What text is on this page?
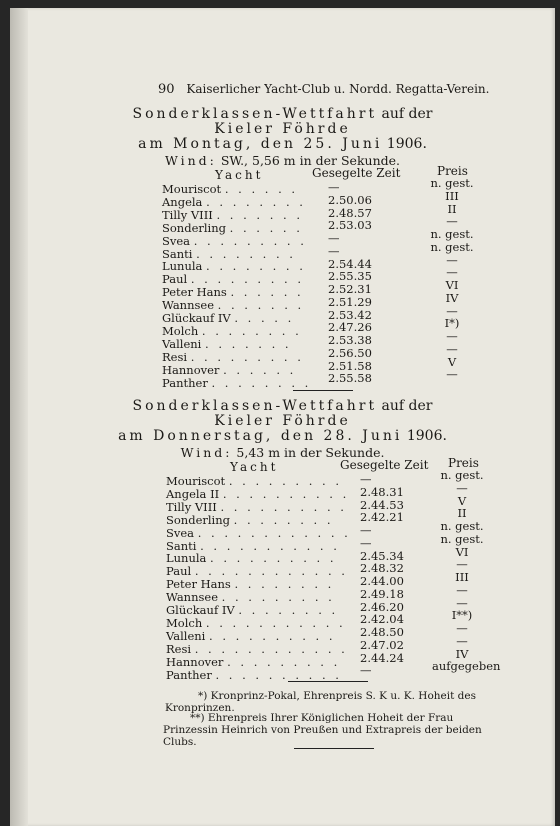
90 Kaiserlicher Yacht-Club u. Nordd. Regatta-Verein.
Sonderklassen-Wettfahrt auf der
Kieler Föhrde
am Montag, den 25. Juni 1906.
Wind: SW., 5,56 m in der Sekunde.
Yacht	Gesegelte Zeit	Preis
Mouriscot . . . . . .	—	n. gest.
Angela . . . . . . . . 2.50.06	III
Tilly VIII . . . . . . . 2.48.57	II
Sonderling . . . . . . 2.53.03	—
Svea . . . . . . . . . —	n. gest.
Santi . . . . . . . .	—	n. gest.
Lunula . . . . . . . . 2.54.44	—
Paul . . . . . . . . . 2.55.35	—
Peter Hans . . . . . . 2.52.31	VI
Wannsee . . . . . . . 2.51.29	IV
Glückauf IV . . . . .	2.53.42	—
Molch . . . . . . . . 2.47.26	I*)
Valleni . . . . . . .	2.53.38	—
Resi . . . . . . . . . 2.56.50	—
Hannover . . . . . .	2.51.58	V
Panther . . . . . . . . 2.55.58	—
Sonderklassen-Wettfahrt auf der
Kieler Föhrde
am Donnerstag, den 28. Juni 1906.
Wind: 5,43 m in der Sekunde.
Yacht	Gesegelte Zeit Preis
Mouriscot . . . . . . . . . —	n. gest.
Angela II . . . . . . . . . . 2.48.31	—
Tilly VIII . . . . . . . . . . 2.44.53	V
Sonderling . . . . . . . . 2.42.21	II
Svea . . . . . . . . . . . . —	n. gest.
Santi . . . . . . . . . . . —	n. gest.
Lunula . . . . . . . . . . 2.45.34	VI
Paul . . . . . . . . . . . . 2.48.32	—
Peter Hans . . . . . . . . 2.44.00	III
Wannsee . . . . . . . . . 2.49.18	—
Glückauf IV . . . . . . . . 2.46.20	—
Molch . . . . . . . . . . . 2.42.04	I**)
Valleni . . . . . . . . . . 2.48.50	—
Resi . . . . . . . . . . . . 2.47.02	—
Hannover . . . . . . . . . 2.44.24	IV
Panther . . . . . . . . . . —	aufgegeben
*) Kronprinz-Pokal, Ehrenpreis S. K u. K. Hoheit des
Kronprinzen.
**) Ehrenpreis Ihrer Königlichen Hoheit der Frau
Prinzessin Heinrich von Preußen und Extrapreis der beiden
Clubs.
